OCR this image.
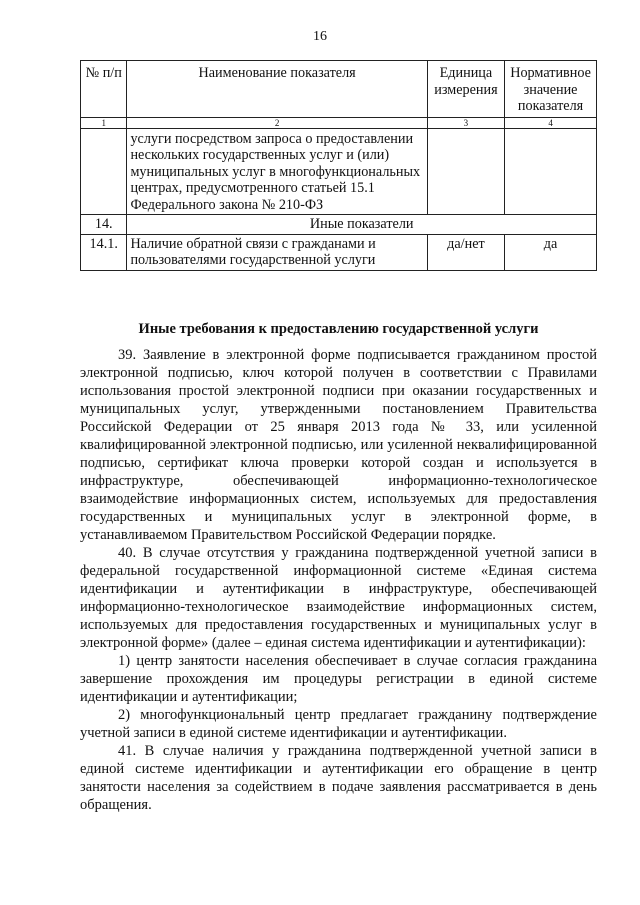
16
№ п/п	Наименование показателя	Единица измерения	Нормативное значение показателя
1	2	3	4
	услуги посредством запроса о предоставлении нескольких государственных услуг и (или) муниципальных услуг в многофункциональных центрах, предусмотренного статьей 15.1 Федерального закона № 210-ФЗ		
14.	Иные показатели		
14.1.	Наличие обратной связи с гражданами и пользователями государственной услуги	да/нет	да
Иные требования к предоставлению государственной услуги

39. Заявление в электронной форме подписывается гражданином простой электронной подписью, ключ которой получен в соответствии с Правилами использования простой электронной подписи при оказании государственных и муниципальных услуг, утвержденными постановлением Правительства Российской Федерации от 25 января 2013 года № 33, или усиленной квалифицированной электронной подписью, или усиленной неквалифицированной подписью, сертификат ключа проверки которой создан и используется в инфраструктуре, обеспечивающей информационно-технологическое взаимодействие информационных систем, используемых для предоставления государственных и муниципальных услуг в электронной форме, в устанавливаемом Правительством Российской Федерации порядке.

40. В случае отсутствия у гражданина подтвержденной учетной записи в федеральной государственной информационной системе «Единая система идентификации и аутентификации в инфраструктуре, обеспечивающей информационно-технологическое взаимодействие информационных систем, используемых для предоставления государственных и муниципальных услуг в электронной форме» (далее – единая система идентификации и аутентификации):

1) центр занятости населения обеспечивает в случае согласия гражданина завершение прохождения им процедуры регистрации в единой системе идентификации и аутентификации;

2) многофункциональный центр предлагает гражданину подтверждение учетной записи в единой системе идентификации и аутентификации.

41. В случае наличия у гражданина подтвержденной учетной записи в единой системе идентификации и аутентификации его обращение в центр занятости населения за содействием в подаче заявления рассматривается в день обращения.
